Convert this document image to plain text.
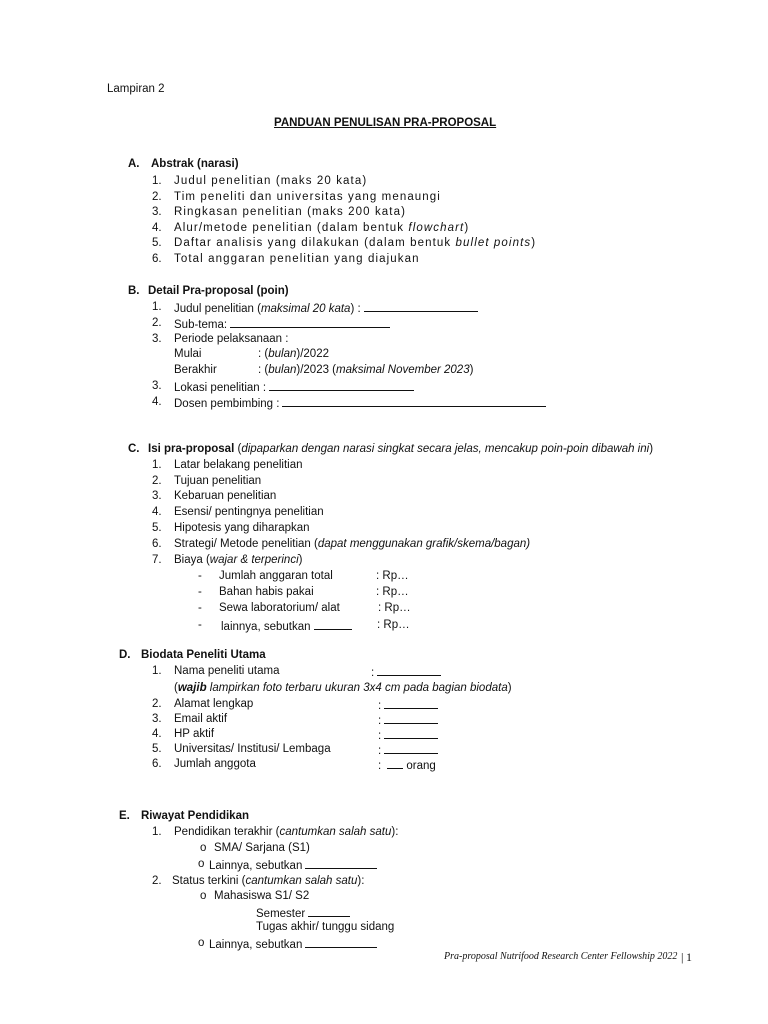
Lampiran 2
PANDUAN PENULISAN PRA-PROPOSAL
A. Abstrak (narasi)
1. Judul penelitian (maks 20 kata)
2. Tim peneliti dan universitas yang menaungi
3. Ringkasan penelitian (maks 200 kata)
4. Alur/metode penelitian (dalam bentuk flowchart)
5. Daftar analisis yang dilakukan (dalam bentuk bullet points)
6. Total anggaran penelitian yang diajukan
B. Detail Pra-proposal (poin)
1. Judul penelitian (maksimal 20 kata) :
2. Sub-tema:
3. Periode pelaksanaan :
Mulai	: (bulan)/2022
Berakhir	: (bulan)/2023 (maksimal November 2023)
3. Lokasi penelitian :
4. Dosen pembimbing :
C. Isi pra-proposal (dipaparkan dengan narasi singkat secara jelas, mencakup poin-poin dibawah ini)
1. Latar belakang penelitian
2. Tujuan penelitian
3. Kebaruan penelitian
4. Esensi/ pentingnya penelitian
5. Hipotesis yang diharapkan
6. Strategi/ Metode penelitian (dapat menggunakan grafik/skema/bagan)
7. Biaya (wajar & terperinci)
- Jumlah anggaran total	: Rp…
- Bahan habis pakai	: Rp…
- Sewa laboratorium/ alat	: Rp…
- lainnya, sebutkan	: Rp…
D. Biodata Peneliti Utama
1. Nama peneliti utama	:
(wajib lampirkan foto terbaru ukuran 3x4 cm pada bagian biodata)
2. Alamat lengkap	:
3. Email aktif	:
4. HP aktif	:
5. Universitas/ Institusi/ Lembaga	:
6. Jumlah anggota	: orang
E. Riwayat Pendidikan
1. Pendidikan terakhir (cantumkan salah satu):
o SMA/ Sarjana (S1)
o Lainnya, sebutkan
2. Status terkini (cantumkan salah satu):
o Mahasiswa S1/ S2
Semester
Tugas akhir/ tunggu sidang
o Lainnya, sebutkan
Pra-proposal Nutrifood Research Center Fellowship 2022 | 1
